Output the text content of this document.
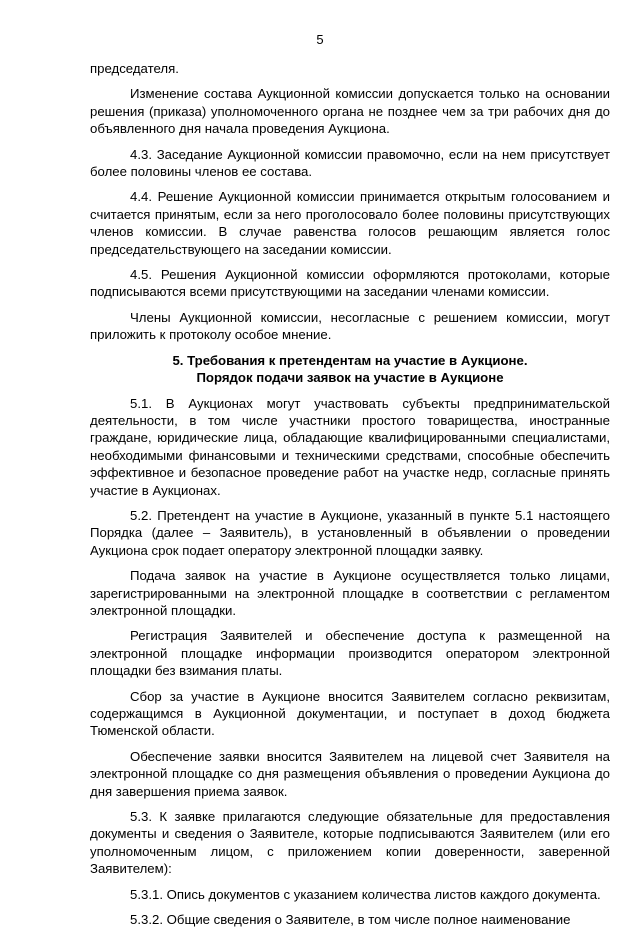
5

председателя.

Изменение состава Аукционной комиссии допускается только на основании решения (приказа) уполномоченного органа не позднее чем за три рабочих дня до объявленного дня начала проведения Аукциона.

4.3. Заседание Аукционной комиссии правомочно, если на нем присутствует более половины членов ее состава.

4.4. Решение Аукционной комиссии принимается открытым голосованием и считается принятым, если за него проголосовало более половины присутствующих членов комиссии. В случае равенства голосов решающим является голос председательствующего на заседании комиссии.

4.5. Решения Аукционной комиссии оформляются протоколами, которые подписываются всеми присутствующими на заседании членами комиссии.

Члены Аукционной комиссии, несогласные с решением комиссии, могут приложить к протоколу особое мнение.

5. Требования к претендентам на участие в Аукционе.
Порядок подачи заявок на участие в Аукционе

5.1. В Аукционах могут участвовать субъекты предпринимательской деятельности, в том числе участники простого товарищества, иностранные граждане, юридические лица, обладающие квалифицированными специалистами, необходимыми финансовыми и техническими средствами, способные обеспечить эффективное и безопасное проведение работ на участке недр, согласные принять участие в Аукционах.

5.2. Претендент на участие в Аукционе, указанный в пункте 5.1 настоящего Порядка (далее – Заявитель), в установленный в объявлении о проведении Аукциона срок подает оператору электронной площадки заявку.

Подача заявок на участие в Аукционе осуществляется только лицами, зарегистрированными на электронной площадке в соответствии с регламентом электронной площадки.

Регистрация Заявителей и обеспечение доступа к размещенной на электронной площадке информации производится оператором электронной площадки без взимания платы.

Сбор за участие в Аукционе вносится Заявителем согласно реквизитам, содержащимся в Аукционной документации, и поступает в доход бюджета Тюменской области.

Обеспечение заявки вносится Заявителем на лицевой счет Заявителя на электронной площадке со дня размещения объявления о проведении Аукциона до дня завершения приема заявок.

5.3. К заявке прилагаются следующие обязательные для предоставления документы и сведения о Заявителе, которые подписываются Заявителем (или его уполномоченным лицом, с приложением копии доверенности, заверенной Заявителем):

5.3.1. Опись документов с указанием количества листов каждого документа.

5.3.2. Общие сведения о Заявителе, в том числе полное наименование
